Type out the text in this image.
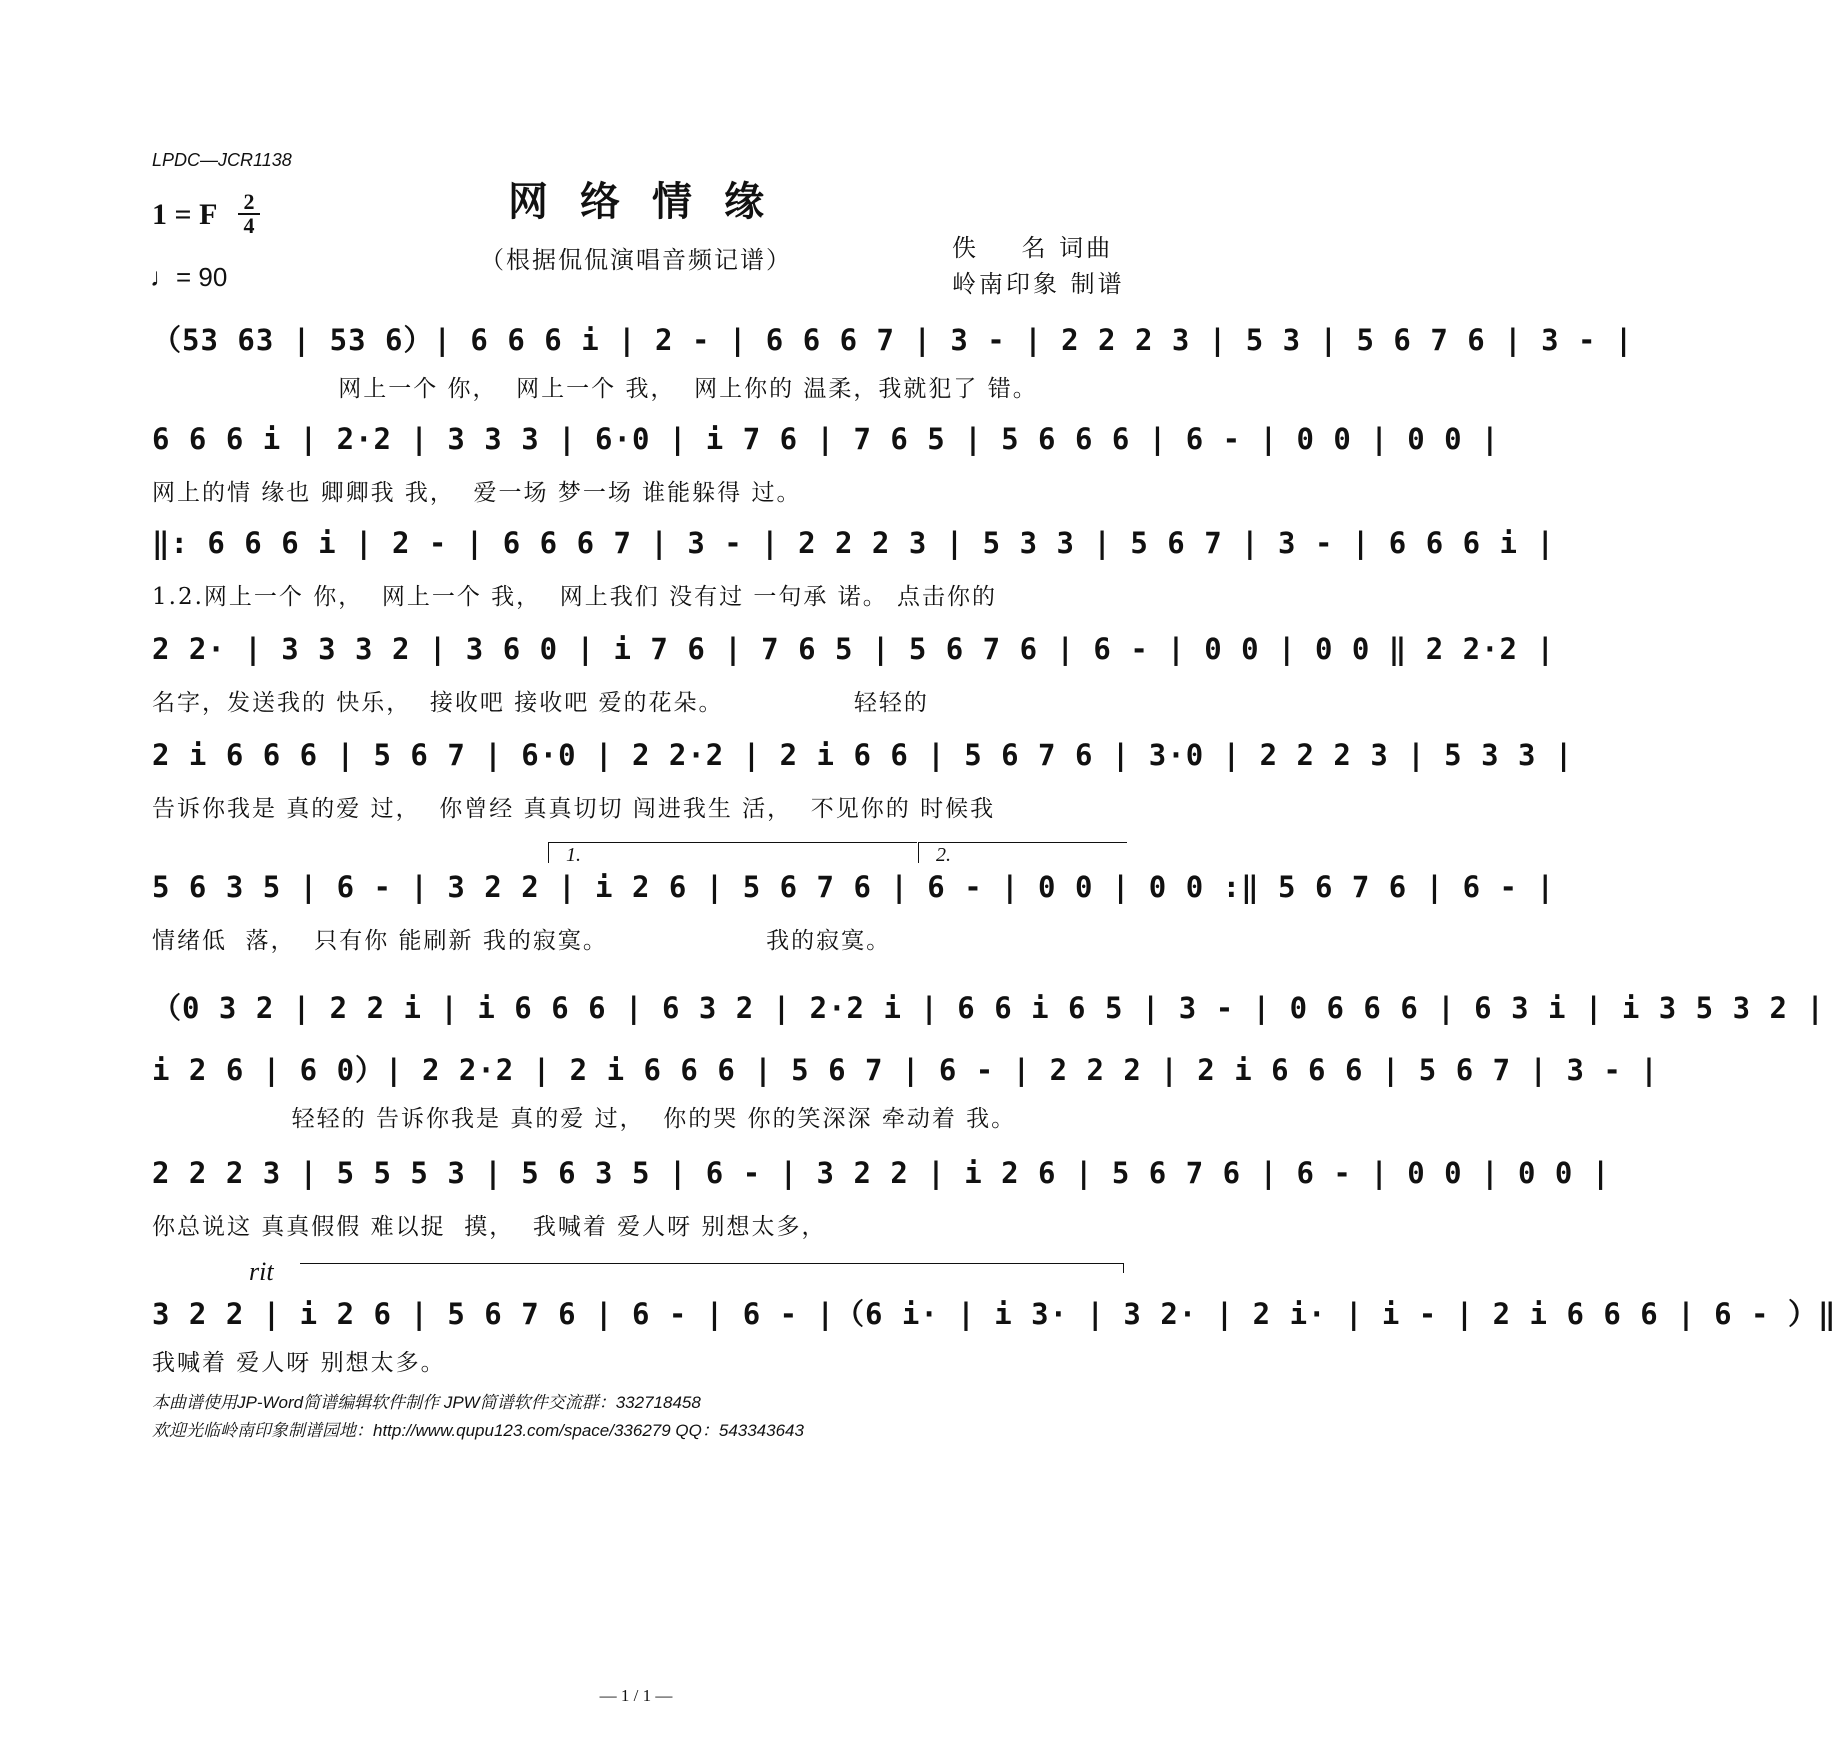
LPDC—JCR1138
网络情缘
（根据侃侃演唱音频记谱）
1 = F 2
4
♩= 90
佚    名 词曲
岭南印象 制谱
（53 63 | 53 6）| 6 6 6 i | 2 - | 6 6 6 7 | 3 - | 2 2 2 3 | 5 3 | 5 6 7 6 | 3 - |
网上一个 你，  网上一个 我，  网上你的 温柔，我就犯了 错。
6 6 6 i | 2·2 | 3 3 3 | 6·0 | i 7 6 | 7 6 5 | 5 6 6 6 | 6 - | 0 0 | 0 0 |
网上的情 缘也 卿卿我 我，  爱一场 梦一场 谁能躲得 过。
‖: 6 6 6 i | 2 - | 6 6 6 7 | 3 - | 2 2 2 3 | 5 3 3 | 5 6 7 | 3 - | 6 6 6 i |
1.2.网上一个 你，  网上一个 我，  网上我们 没有过 一句承 诺。 点击你的
2 2· | 3 3 3 2 | 3 6 0 | i 7 6 | 7 6 5 | 5 6 7 6 | 6 - | 0 0 | 0 0 ‖ 2 2·2 |
名字，发送我的 快乐，  接收吧 接收吧 爱的花朵。              轻轻的
2 i 6 6 6 | 5 6 7 | 6·0 | 2 2·2 | 2 i 6 6 | 5 6 7 6 | 3·0 | 2 2 2 3 | 5 3 3 |
告诉你我是 真的爱 过，  你曾经 真真切切 闯进我生 活，  不见你的 时候我
1.	2.
5 6 3 5 | 6 - | 3 2 2 | i 2 6 | 5 6 7 6 | 6 - | 0 0 | 0 0 :‖ 5 6 7 6 | 6 - |
情绪低  落，  只有你 能刷新 我的寂寞。                 我的寂寞。
（0 3 2 | 2 2 i | i 6 6 6 | 6 3 2 | 2·2 i | 6 6 i 6 5 | 3 - | 0 6 6 6 | 6 3 i | i 3 5 3 2 |
i 2 6 | 6 0）| 2 2·2 | 2 i 6 6 6 | 5 6 7 | 6 - | 2 2 2 | 2 i 6 6 6 | 5 6 7 | 3 - |
轻轻的 告诉你我是 真的爱 过，  你的哭 你的笑深深 牵动着 我。
2 2 2 3 | 5 5 5 3 | 5 6 3 5 | 6 - | 3 2 2 | i 2 6 | 5 6 7 6 | 6 - | 0 0 | 0 0 |
你总说这 真真假假 难以捉  摸，  我喊着 爱人呀 别想太多，
rit
3 2 2 | i 2 6 | 5 6 7 6 | 6 - | 6 - |（6 i· | i 3· | 3 2· | 2 i· | i - | 2 i 6 6 6 | 6 - ）‖
我喊着 爱人呀 别想太多。
本曲谱使用JP-Word简谱编辑软件制作 JPW简谱软件交流群：332718458
欢迎光临岭南印象制谱园地：http://www.qupu123.com/space/336279 QQ：543343643
— 1 / 1 —
